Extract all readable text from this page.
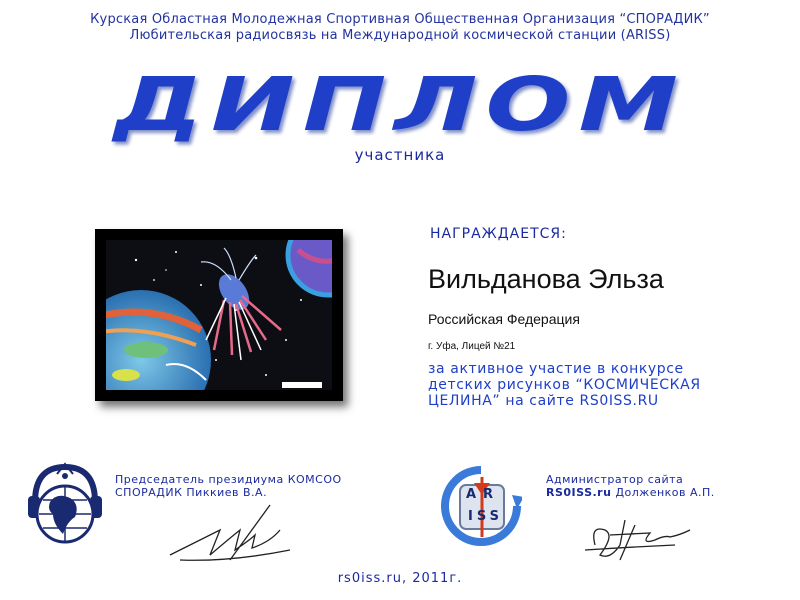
Курская Областная Молодежная Спортивная Общественная Организация “СПОРАДИК”
Любительская радиосвязь на Международной космической станции (ARISS)
ДИПЛОМ
участника
НАГРАЖДАЕТСЯ:
Вильданова Эльза
Российская Федерация
г. Уфа, Лицей №21
за активное участие в конкурсе
детских рисунков “КОСМИЧЕСКАЯ
ЦЕЛИНА” на сайте RS0ISS.RU
Председатель президиума КОМСОО
СПОРАДИК Пиккиев В.А.	AR
ISS
Администратор сайта
RS0ISS.ru Долженков А.П.
rs0iss.ru, 2011г.
